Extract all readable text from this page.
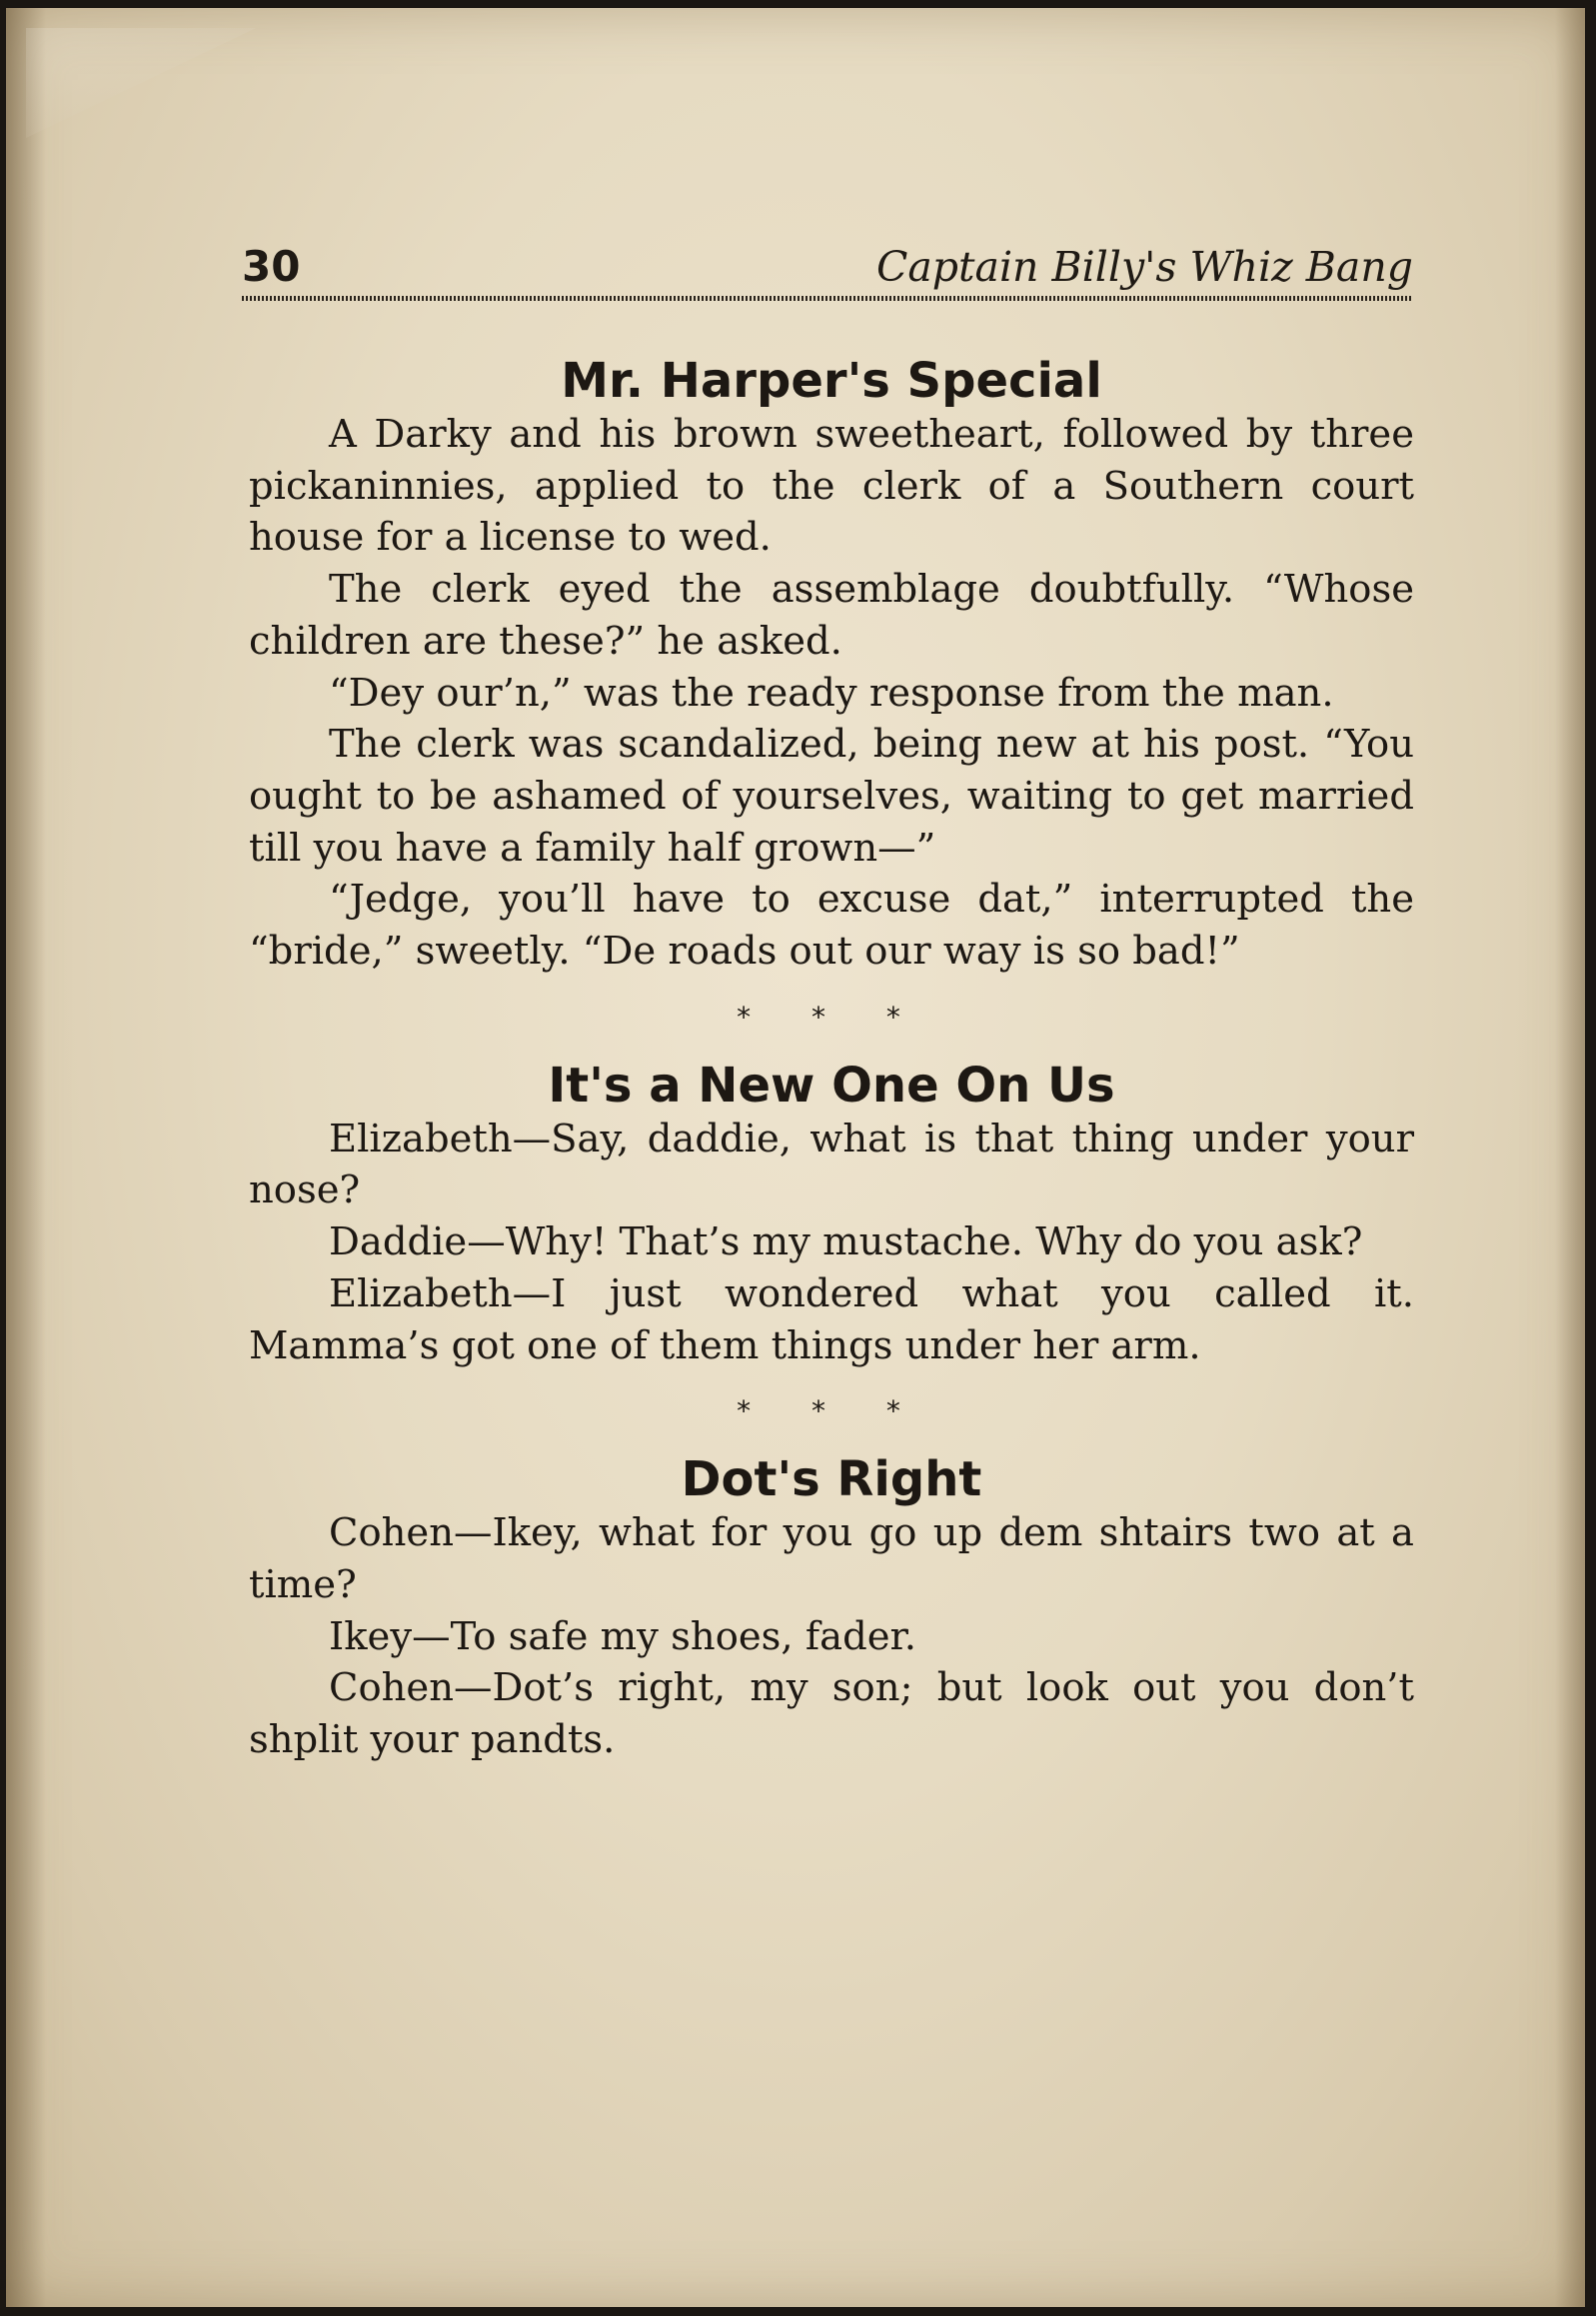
30	Captain Billy's Whiz Bang
Mr. Harper's Special

A Darky and his brown sweetheart, followed by three pickaninnies, applied to the clerk of a Southern court house for a license to wed.

The clerk eyed the assemblage doubtfully. “Whose children are these?” he asked.

“Dey our’n,” was the ready response from the man.

The clerk was scandalized, being new at his post. “You ought to be ashamed of yourselves, waiting to get married till you have a family half grown—”

“Jedge, you’ll have to excuse dat,” interrupted the “bride,” sweetly. “De roads out our way is so bad!”

* * *
It's a New One On Us

Elizabeth—Say, daddie, what is that thing under your nose?

Daddie—Why! That’s my mustache. Why do you ask?

Elizabeth—I just wondered what you called it. Mamma’s got one of them things under her arm.

* * *
Dot's Right

Cohen—Ikey, what for you go up dem shtairs two at a time?

Ikey—To safe my shoes, fader.

Cohen—Dot’s right, my son; but look out you don’t shplit your pandts.
